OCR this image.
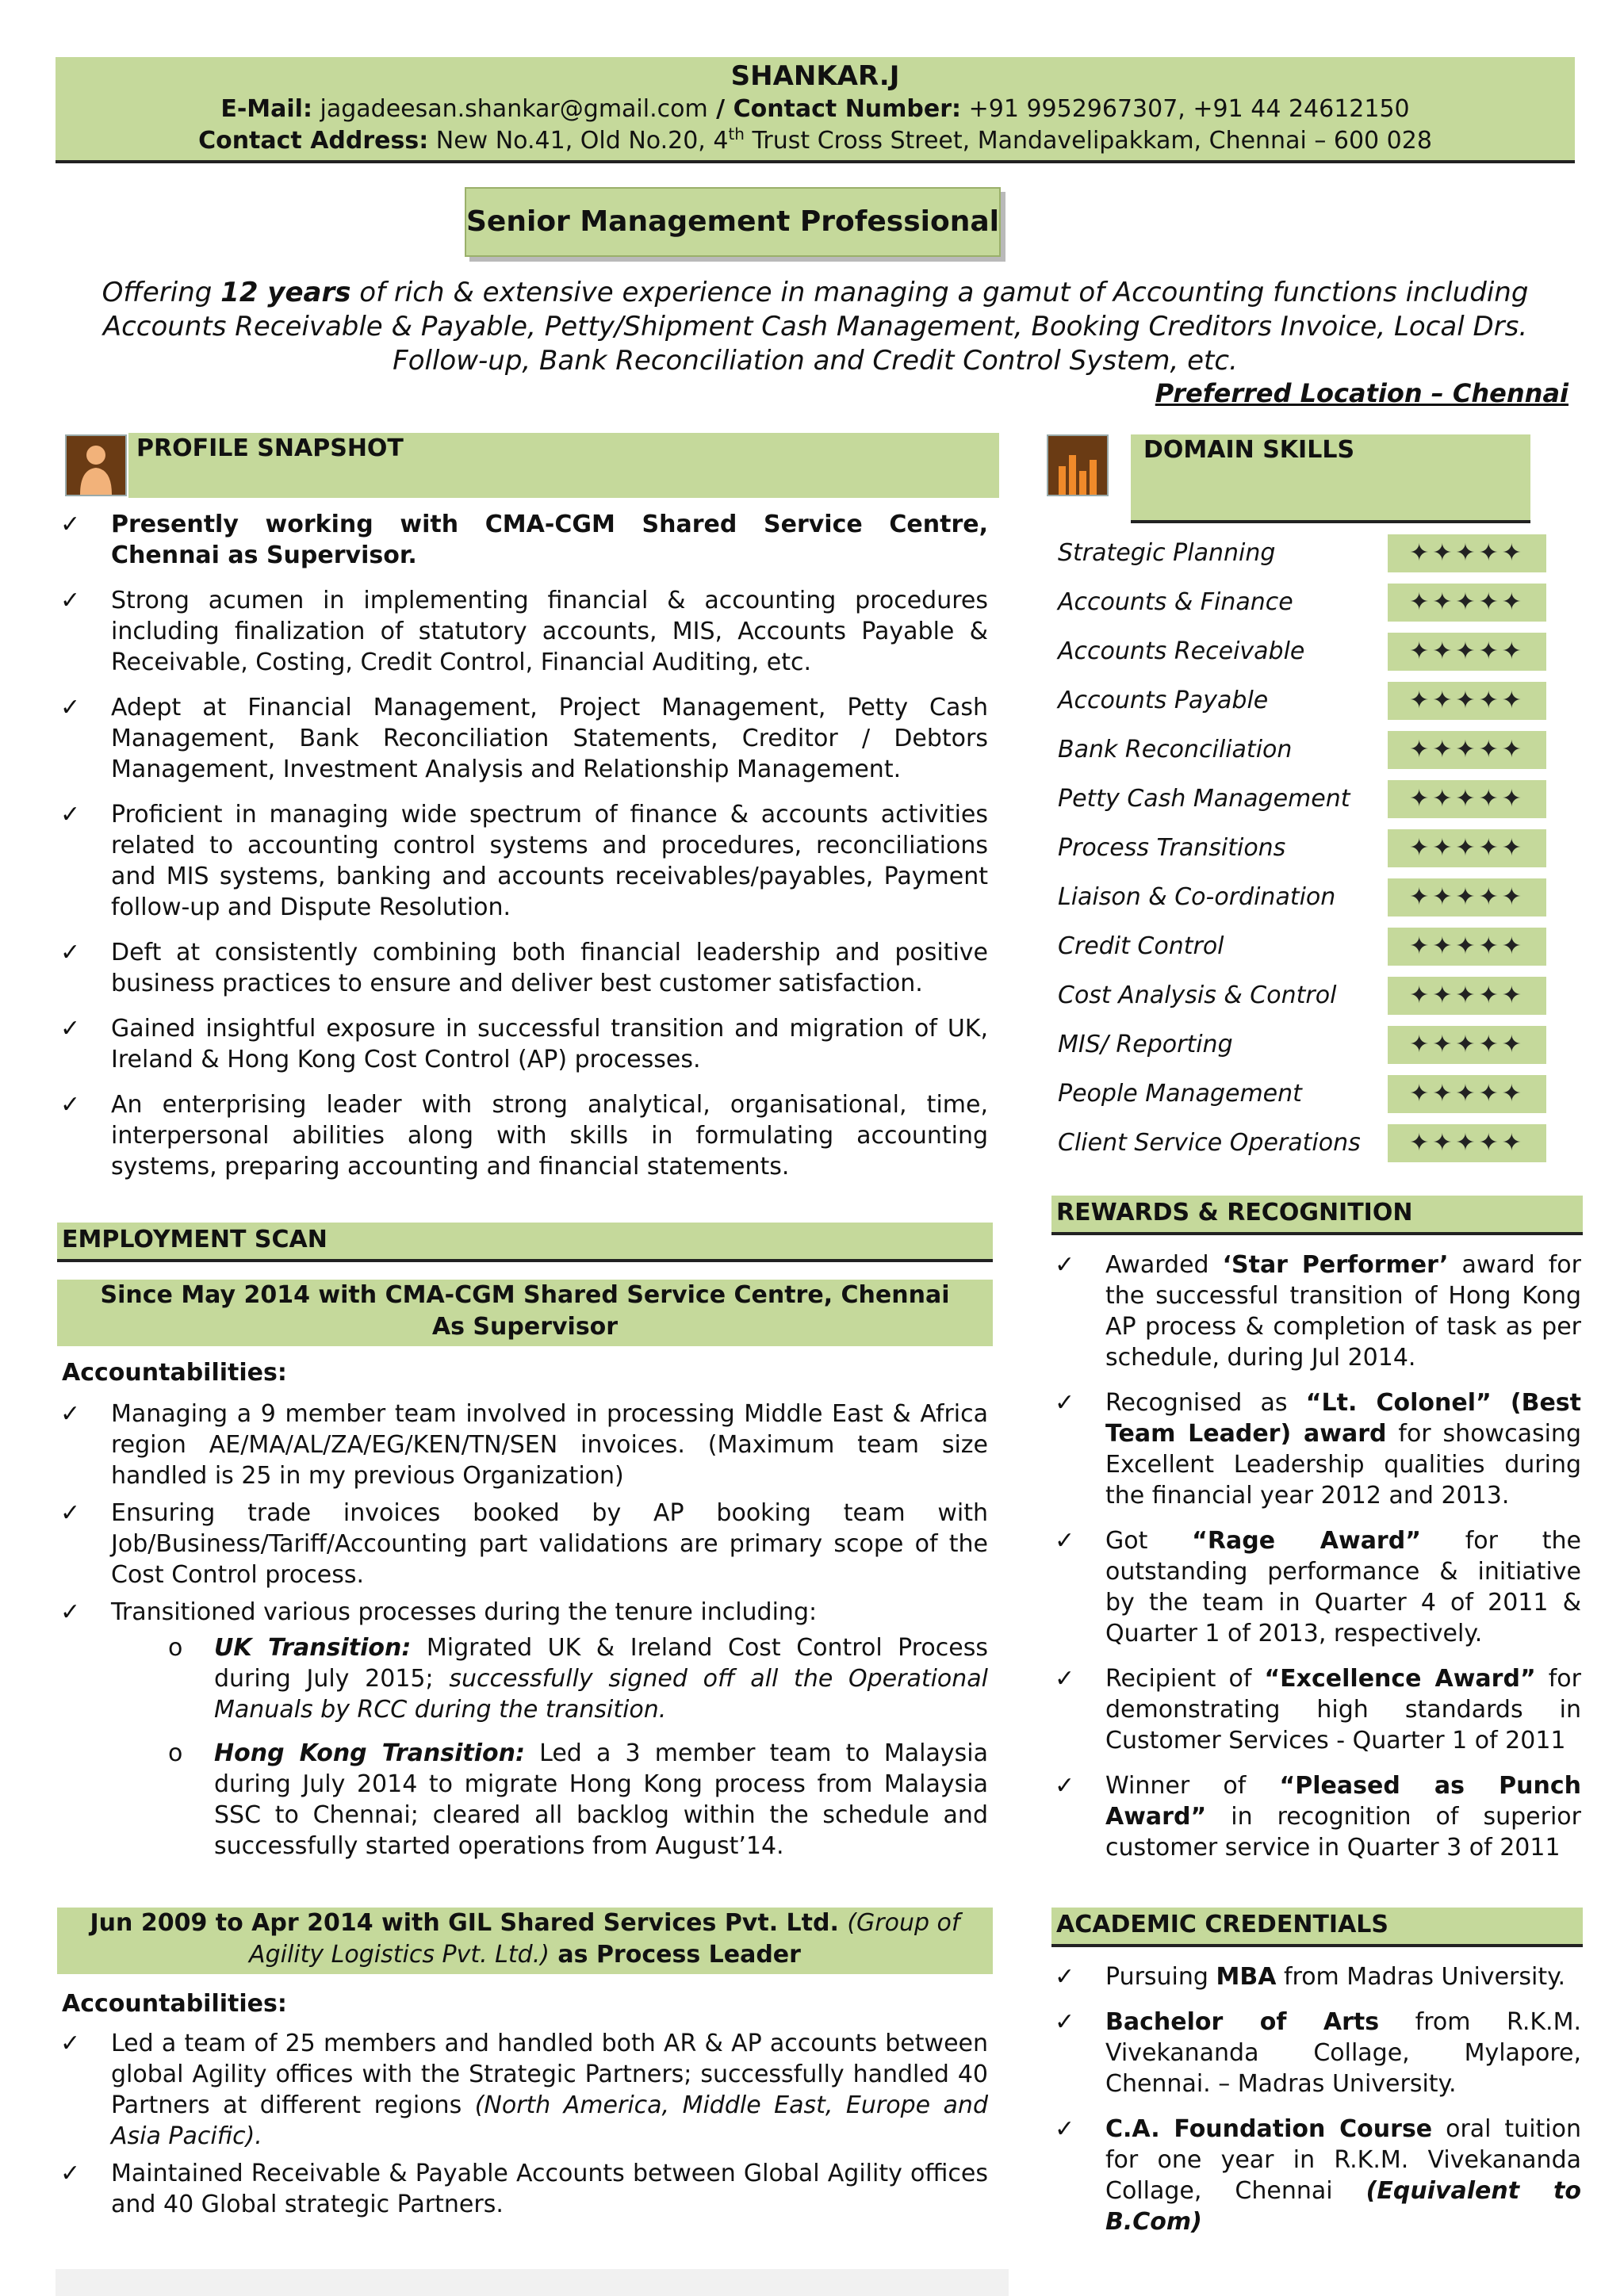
SHANKAR.J
E-Mail: jagadeesan.shankar@gmail.com / Contact Number: +91 9952967307, +91 44 24612150
Contact Address: New No.41, Old No.20, 4th Trust Cross Street, Mandavelipakkam, Chennai – 600 028
Senior Management Professional
Offering 12 years of rich & extensive experience in managing a gamut of Accounting functions including Accounts Receivable & Payable, Petty/Shipment Cash Management, Booking Creditors Invoice, Local Drs. Follow-up, Bank Reconciliation and Credit Control System, etc.
Preferred Location – Chennai
PROFILE SNAPSHOT
✓ Presently working with CMA-CGM Shared Service Centre, Chennai as Supervisor.
✓ Strong acumen in implementing financial & accounting procedures including finalization of statutory accounts, MIS, Accounts Payable & Receivable, Costing, Credit Control, Financial Auditing, etc.
✓ Adept at Financial Management, Project Management, Petty Cash Management, Bank Reconciliation Statements, Creditor / Debtors Management, Investment Analysis and Relationship Management.
✓ Proficient in managing wide spectrum of finance & accounts activities related to accounting control systems and procedures, reconciliations and MIS systems, banking and accounts receivables/payables, Payment follow-up and Dispute Resolution.
✓ Deft at consistently combining both financial leadership and positive business practices to ensure and deliver best customer satisfaction.
✓ Gained insightful exposure in successful transition and migration of UK, Ireland & Hong Kong Cost Control (AP) processes.
✓ An enterprising leader with strong analytical, organisational, time, interpersonal abilities along with skills in formulating accounting systems, preparing accounting and financial statements.
EMPLOYMENT SCAN
Since May 2014 with CMA-CGM Shared Service Centre, Chennai
As Supervisor
Accountabilities:
✓ Managing a 9 member team involved in processing Middle East & Africa region AE/MA/AL/ZA/EG/KEN/TN/SEN invoices. (Maximum team size handled is 25 in my previous Organization)
✓ Ensuring trade invoices booked by AP booking team with Job/Business/Tariff/Accounting part validations are primary scope of the Cost Control process.
✓ Transitioned various processes during the tenure including:
o UK Transition: Migrated UK & Ireland Cost Control Process during July 2015; successfully signed off all the Operational Manuals by RCC during the transition.
o Hong Kong Transition: Led a 3 member team to Malaysia during July 2014 to migrate Hong Kong process from Malaysia SSC to Chennai; cleared all backlog within the schedule and successfully started operations from August’14.
Jun 2009 to Apr 2014 with GIL Shared Services Pvt. Ltd. (Group of
Agility Logistics Pvt. Ltd.) as Process Leader
Accountabilities:
✓ Led a team of 25 members and handled both AR & AP accounts between global Agility offices with the Strategic Partners; successfully handled 40 Partners at different regions (North America, Middle East, Europe and Asia Pacific).
✓ Maintained Receivable & Payable Accounts between Global Agility offices and 40 Global strategic Partners.
DOMAIN SKILLS
Strategic Planning	✦✦✦✦✦
Accounts & Finance	✦✦✦✦✦
Accounts Receivable	✦✦✦✦✦
Accounts Payable	✦✦✦✦✦
Bank Reconciliation	✦✦✦✦✦
Petty Cash Management	✦✦✦✦✦
Process Transitions	✦✦✦✦✦
Liaison & Co-ordination	✦✦✦✦✦
Credit Control	✦✦✦✦✦
Cost Analysis & Control	✦✦✦✦✦
MIS/ Reporting	✦✦✦✦✦
People Management	✦✦✦✦✦
Client Service Operations	✦✦✦✦✦
REWARDS & RECOGNITION
✓ Awarded ‘Star Performer’ award for the successful transition of Hong Kong AP process & completion of task as per schedule, during Jul 2014.
✓ Recognised as “Lt. Colonel” (Best Team Leader) award for showcasing Excellent Leadership qualities during the financial year 2012 and 2013.
✓ Got “Rage Award” for the outstanding performance & initiative by the team in Quarter 4 of 2011 & Quarter 1 of 2013, respectively.
✓ Recipient of “Excellence Award” for demonstrating high standards in Customer Services - Quarter 1 of 2011
✓ Winner of “Pleased as Punch Award” in recognition of superior customer service in Quarter 3 of 2011
ACADEMIC CREDENTIALS
✓ Pursuing MBA from Madras University.
✓ Bachelor of Arts from R.K.M. Vivekananda Collage, Mylapore, Chennai. – Madras University.
✓ C.A. Foundation Course oral tuition for one year in R.K.M. Vivekananda Collage, Chennai (Equivalent to B.Com)
